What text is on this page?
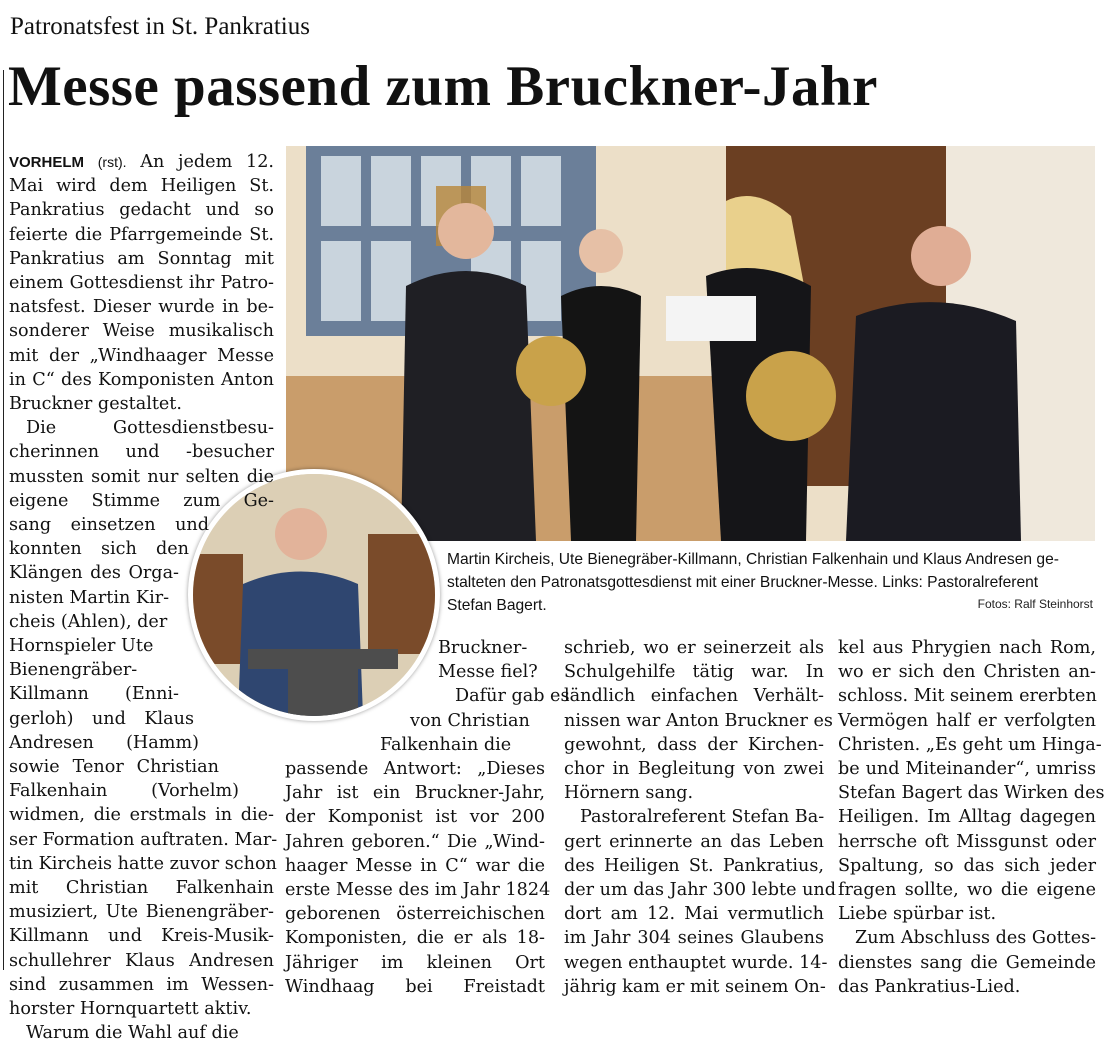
Patronatsfest in St. Pankratius
Messe passend zum Bruckner-Jahr
VORHELM (rst). An jedem 12.
Mai wird dem Heiligen St.
Pankratius gedacht und so
feierte die Pfarrgemeinde St.
Pankratius am Sonntag mit
einem Gottesdienst ihr Patro-
natsfest. Dieser wurde in be-
sonderer Weise musikalisch
mit der „Windhaager Messe
in C“ des Komponisten Anton
Bruckner gestaltet.
Die Gottesdienstbesu-
cherinnen und -besucher
mussten somit nur selten die
eigene Stimme zum Ge-
sang einsetzen und
konnten sich den
Klängen des Orga-
nisten Martin Kir-
cheis (Ahlen), der
Hornspieler Ute
Bienengräber-
Killmann (Enni-
gerloh) und Klaus
Andresen (Hamm)
sowie Tenor Christian
Falkenhain (Vorhelm)
widmen, die erstmals in die-
ser Formation auftraten. Mar-
tin Kircheis hatte zuvor schon
mit Christian Falkenhain
musiziert, Ute Bienengräber-
Killmann und Kreis-Musik-
schullehrer Klaus Andresen
sind zusammen im Wessen-
horster Hornquartett aktiv.
Warum die Wahl auf die
Bruckner-
Messe fiel?
Dafür gab es
von Christian
Falkenhain die
passende Antwort: „Dieses
Jahr ist ein Bruckner-Jahr,
der Komponist ist vor 200
Jahren geboren.“ Die „Wind-
haager Messe in C“ war die
erste Messe des im Jahr 1824
geborenen österreichischen
Komponisten, die er als 18-
Jähriger im kleinen Ort
Windhaag bei Freistadt
schrieb, wo er seinerzeit als
Schulgehilfe tätig war. In
ländlich einfachen Verhält-
nissen war Anton Bruckner es
gewohnt, dass der Kirchen-
chor in Begleitung von zwei
Hörnern sang.
Pastoralreferent Stefan Ba-
gert erinnerte an das Leben
des Heiligen St. Pankratius,
der um das Jahr 300 lebte und
dort am 12. Mai vermutlich
im Jahr 304 seines Glaubens
wegen enthauptet wurde. 14-
jährig kam er mit seinem On-
kel aus Phrygien nach Rom,
wo er sich den Christen an-
schloss. Mit seinem ererbten
Vermögen half er verfolgten
Christen. „Es geht um Hinga-
be und Miteinander“, umriss
Stefan Bagert das Wirken des
Heiligen. Im Alltag dagegen
herrsche oft Missgunst oder
Spaltung, so das sich jeder
fragen sollte, wo die eigene
Liebe spürbar ist.
Zum Abschluss des Gottes-
dienstes sang die Gemeinde
das Pankratius-Lied.
Martin Kircheis, Ute Bienegräber-Killmann, Christian Falkenhain und Klaus Andresen ge-
stalteten den Patronatsgottesdienst mit einer Bruckner-Messe. Links: Pastoralreferent
Stefan Bagert.	Fotos: Ralf Steinhorst
